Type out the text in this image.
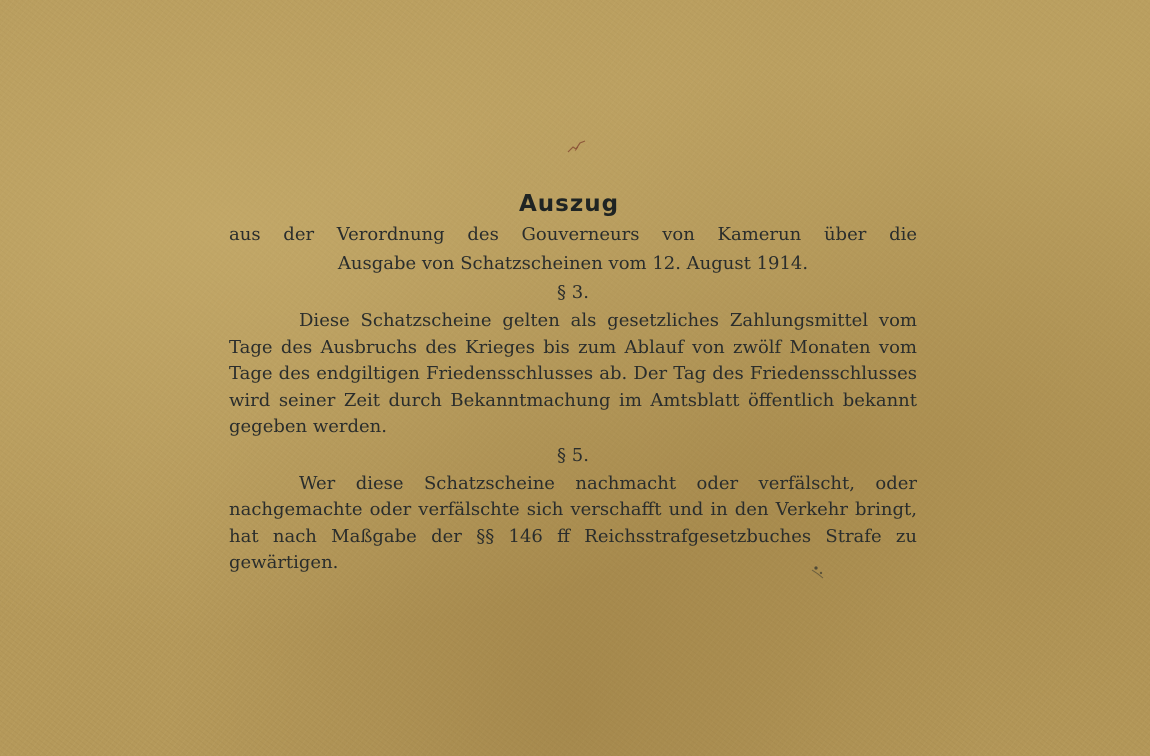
Auszug

aus der Verordnung des Gouverneurs von Kamerun über die
Ausgabe von Schatzscheinen vom 12. August 1914.

§ 3.

Diese Schatzscheine gelten als gesetzliches Zahlungsmittel vom Tage des Ausbruchs des Krieges bis zum Ablauf von zwölf Monaten vom Tage des endgiltigen Friedensschlusses ab. Der Tag des Friedensschlusses wird seiner Zeit durch Bekanntmachung im Amtsblatt öffentlich bekannt gegeben werden.

§ 5.

Wer diese Schatzscheine nachmacht oder verfälscht, oder nachgemachte oder verfälschte sich verschafft und in den Verkehr bringt, hat nach Maßgabe der §§ 146 ff Reichsstrafgesetzbuches Strafe zu gewärtigen.
